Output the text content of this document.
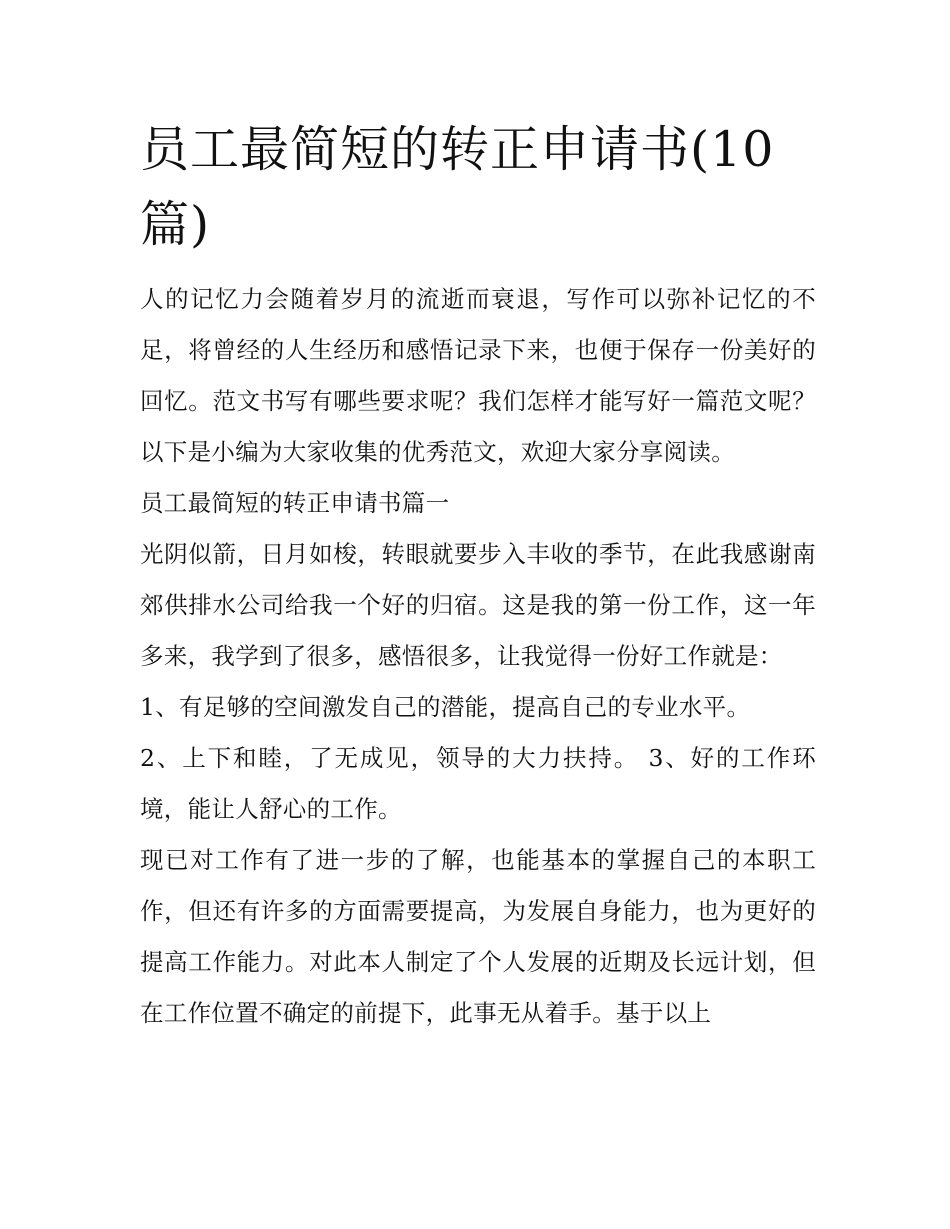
员工最简短的转正申请书(10篇)

人的记忆力会随着岁月的流逝而衰退，写作可以弥补记忆的不足，将曾经的人生经历和感悟记录下来，也便于保存一份美好的回忆。范文书写有哪些要求呢？我们怎样才能写好一篇范文呢？以下是小编为大家收集的优秀范文，欢迎大家分享阅读。

员工最简短的转正申请书篇一

光阴似箭，日月如梭，转眼就要步入丰收的季节，在此我感谢南郊供排水公司给我一个好的归宿。这是我的第一份工作，这一年多来，我学到了很多，感悟很多，让我觉得一份好工作就是：

1、有足够的空间激发自己的潜能，提高自己的专业水平。

2、上下和睦，了无成见，领导的大力扶持。 3、好的工作环境，能让人舒心的工作。

现已对工作有了进一步的了解，也能基本的掌握自己的本职工作，但还有许多的方面需要提高，为发展自身能力，也为更好的提高工作能力。对此本人制定了个人发展的近期及长远计划，但在工作位置不确定的前提下，此事无从着手。基于以上
